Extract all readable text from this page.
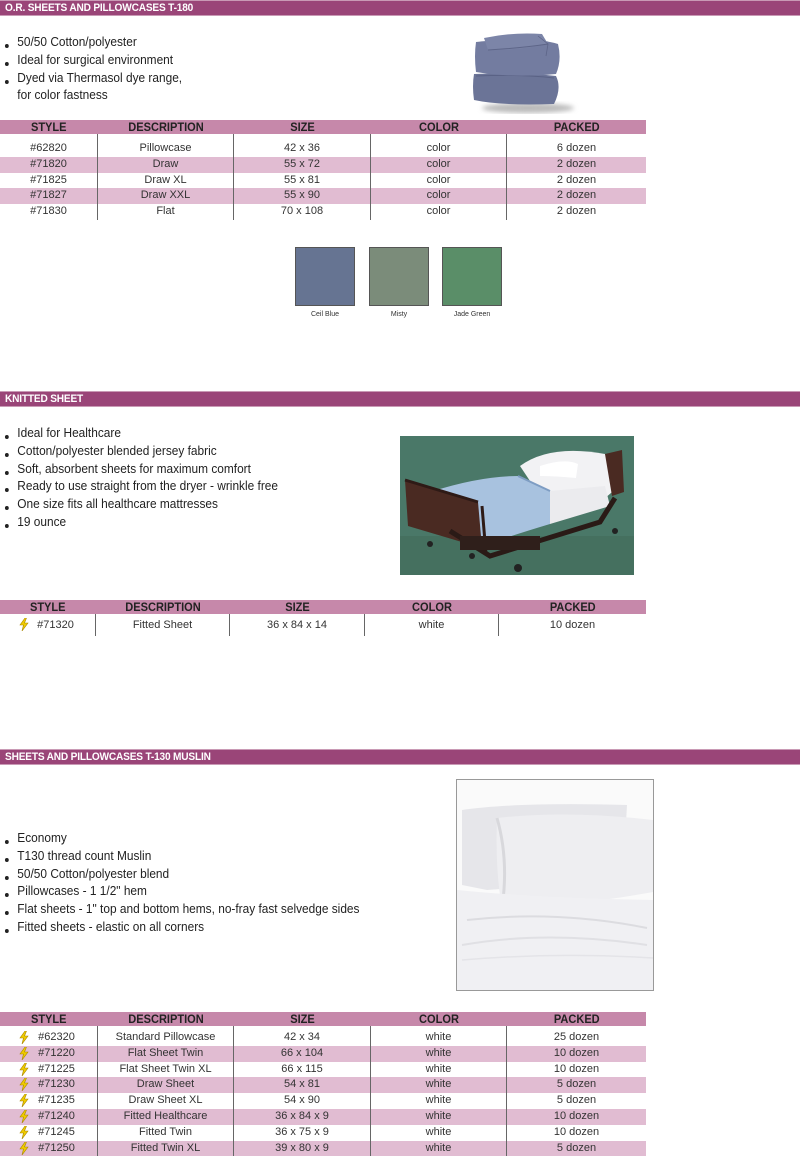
O.R. SHEETS AND PILLOWCASES T-180
50/50 Cotton/polyester
Ideal for surgical environment
Dyed via Thermasol dye range,
for color fastness
STYLE	DESCRIPTION	SIZE	COLOR	PACKED

#62820	Pillowcase	42 x 36	color	6 dozen
#71820	Draw	55 x 72	color	2 dozen
#71825	Draw XL	55 x 81	color	2 dozen
#71827	Draw XXL	55 x 90	color	2 dozen
#71830	Flat	70 x 108	color	2 dozen
Ceil Blue	Misty	Jade Green
KNITTED SHEET
Ideal for Healthcare
Cotton/polyester blended jersey fabric
Soft, absorbent sheets for maximum comfort
Ready to use straight from the dryer - wrinkle free
One size fits all healthcare mattresses
19 ounce
STYLE	DESCRIPTION	SIZE	COLOR	PACKED

#71320	Fitted Sheet	36 x 84 x 14	white	10 dozen
SHEETS AND PILLOWCASES T-130 MUSLIN
Economy
T130 thread count Muslin
50/50 Cotton/polyester blend
Pillowcases - 1 1/2" hem
Flat sheets - 1" top and bottom hems, no-fray fast selvedge sides
Fitted sheets - elastic on all corners
STYLE	DESCRIPTION	SIZE	COLOR	PACKED

#62320	Standard Pillowcase	42 x 34	white	25 dozen

#71220	Flat Sheet Twin	66 x 104	white	10 dozen

#71225	Flat Sheet Twin XL	66 x 115	white	10 dozen

#71230	Draw Sheet	54 x 81	white	5 dozen

#71235	Draw Sheet XL	54 x 90	white	5 dozen

#71240	Fitted Healthcare	36 x 84 x 9	white	10 dozen

#71245	Fitted Twin	36 x 75 x 9	white	10 dozen

#71250	Fitted Twin XL	39 x 80 x 9	white	5 dozen
